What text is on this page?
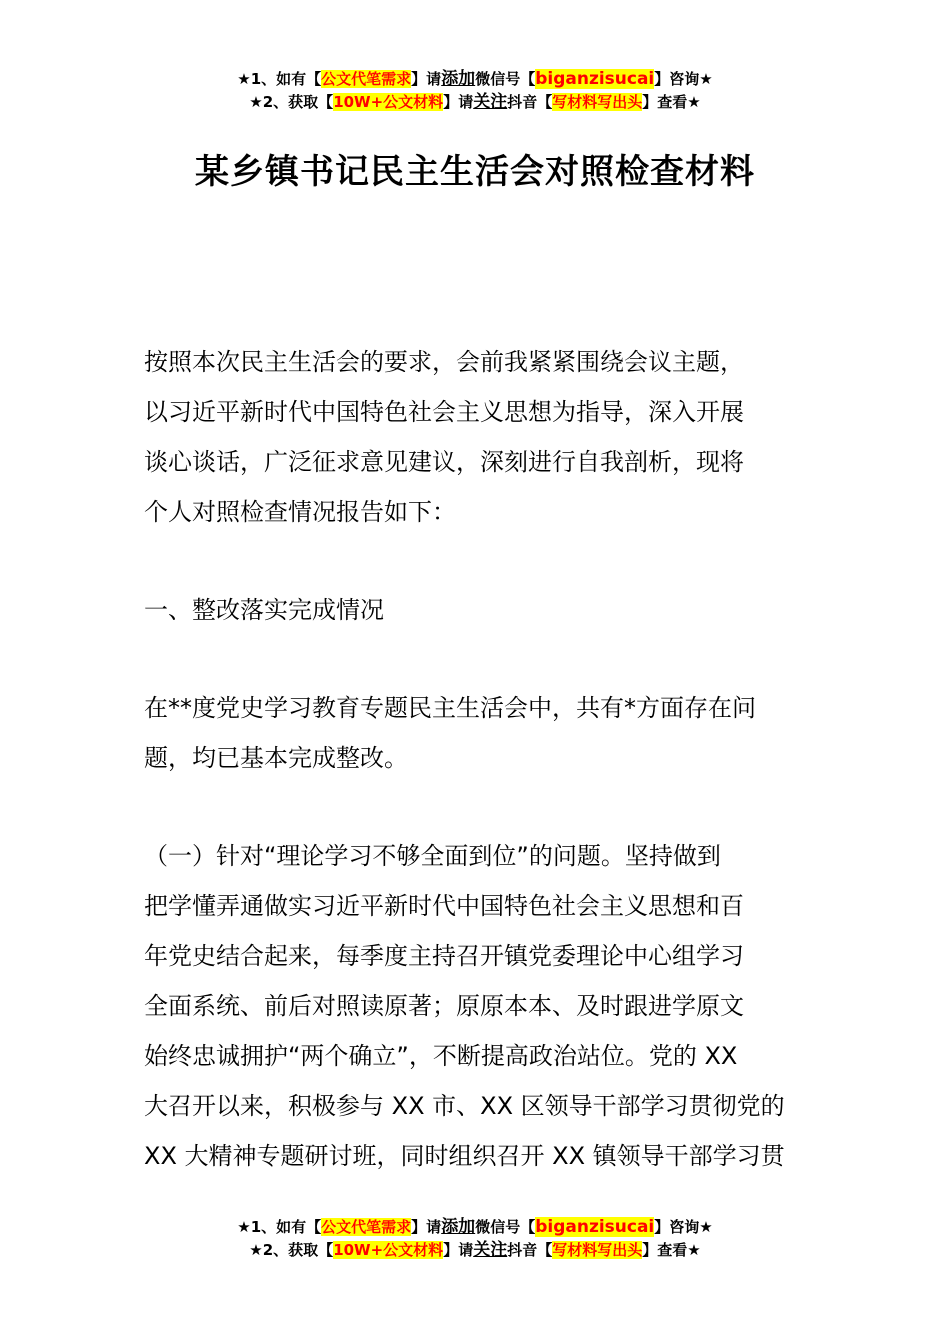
★1、如有【公文代笔需求】请添加微信号【biganzisucai】咨询★
★2、获取【10W+公文材料】请关注抖音【写材料写出头】查看★
某乡镇书记民主生活会对照检查材料

按照本次民主生活会的要求，会前我紧紧围绕会议主题，
以习近平新时代中国特色社会主义思想为指导，深入开展
谈心谈话，广泛征求意见建议，深刻进行自我剖析，现将
个人对照检查情况报告如下：

一、整改落实完成情况

在**度党史学习教育专题民主生活会中，共有*方面存在问
题，均已基本完成整改。

（一）针对“理论学习不够全面到位”的问题。坚持做到
把学懂弄通做实习近平新时代中国特色社会主义思想和百
年党史结合起来，每季度主持召开镇党委理论中心组学习
全面系统、前后对照读原著；原原本本、及时跟进学原文
始终忠诚拥护“两个确立”，不断提高政治站位。党的 XX
大召开以来，积极参与 XX 市、XX 区领导干部学习贯彻党的
XX 大精神专题研讨班，同时组织召开 XX 镇领导干部学习贯

★1、如有【公文代笔需求】请添加微信号【biganzisucai】咨询★
★2、获取【10W+公文材料】请关注抖音【写材料写出头】查看★
